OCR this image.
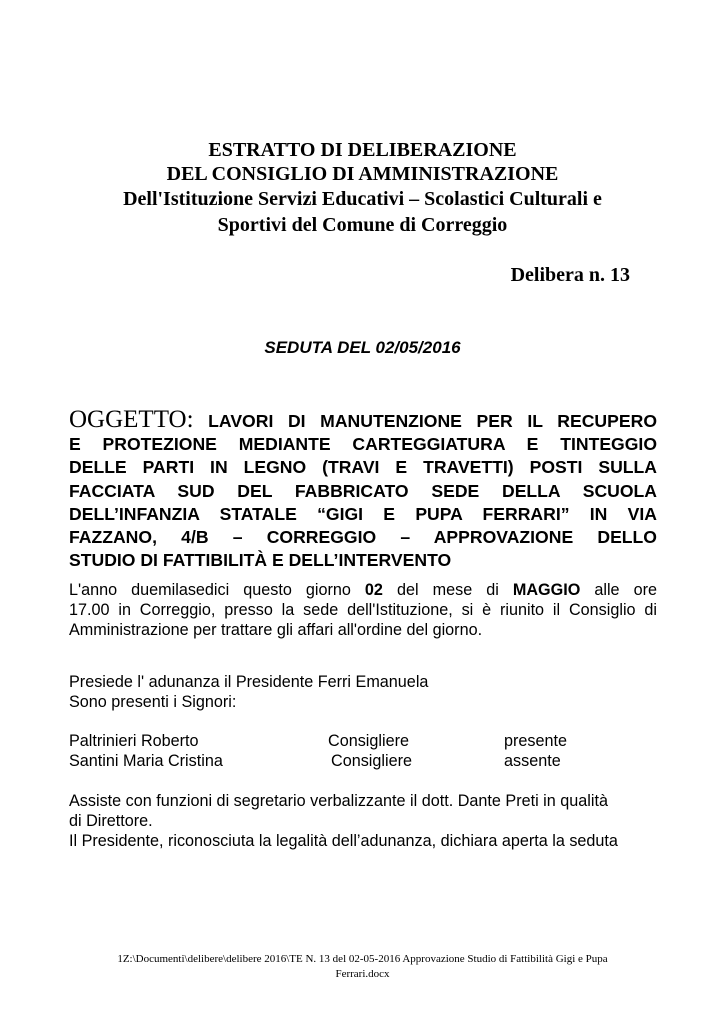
ESTRATTO DI DELIBERAZIONE
DEL CONSIGLIO DI AMMINISTRAZIONE
Dell'Istituzione Servizi Educativi – Scolastici Culturali e
Sportivi del Comune di Correggio
Delibera n. 13
SEDUTA DEL 02/05/2016
OGGETTO: LAVORI DI MANUTENZIONE PER IL RECUPERO
E PROTEZIONE MEDIANTE CARTEGGIATURA E TINTEGGIO
DELLE PARTI IN LEGNO (TRAVI E TRAVETTI) POSTI SULLA
FACCIATA SUD DEL FABBRICATO SEDE DELLA SCUOLA
DELL’INFANZIA STATALE “GIGI E PUPA FERRARI” IN VIA
FAZZANO, 4/B – CORREGGIO – APPROVAZIONE DELLO
STUDIO DI FATTIBILITÀ E DELL’INTERVENTO
L'anno duemilasedici questo giorno 02 del mese di MAGGIO alle ore
17.00 in Correggio, presso la sede dell'Istituzione, si è riunito il Consiglio di
Amministrazione per trattare gli affari all'ordine del giorno.
Presiede l' adunanza il Presidente Ferri Emanuela
Sono presenti i Signori:
Paltrinieri Roberto	Consigliere	presente
Santini Maria Cristina	Consigliere	assente
Assiste con funzioni di segretario verbalizzante il dott. Dante Preti in qualità
di Direttore.
Il Presidente, riconosciuta la legalità dell’adunanza, dichiara aperta la seduta
1Z:\Documenti\delibere\delibere 2016\TE N. 13 del 02-05-2016 Approvazione Studio di Fattibilità Gigi e Pupa
Ferrari.docx
